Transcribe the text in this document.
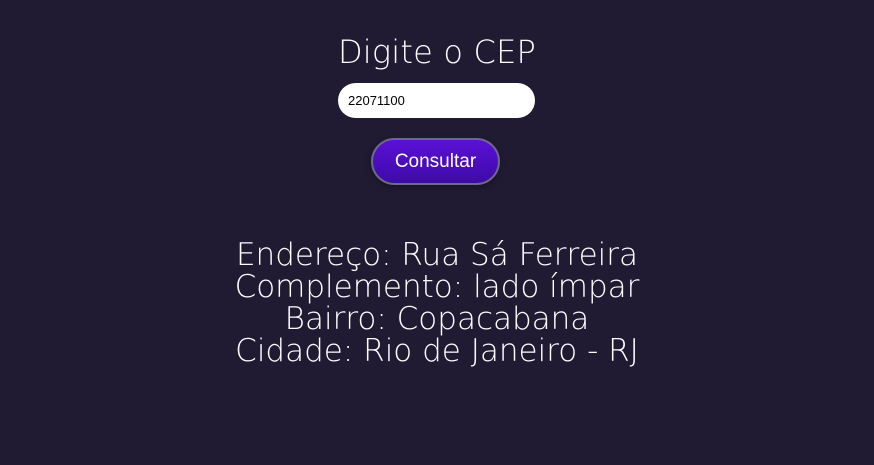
Digite o CEP
22071100
Consultar
Endereço: Rua Sá Ferreira
Complemento: lado ímpar
Bairro: Copacabana
Cidade: Rio de Janeiro - RJ
